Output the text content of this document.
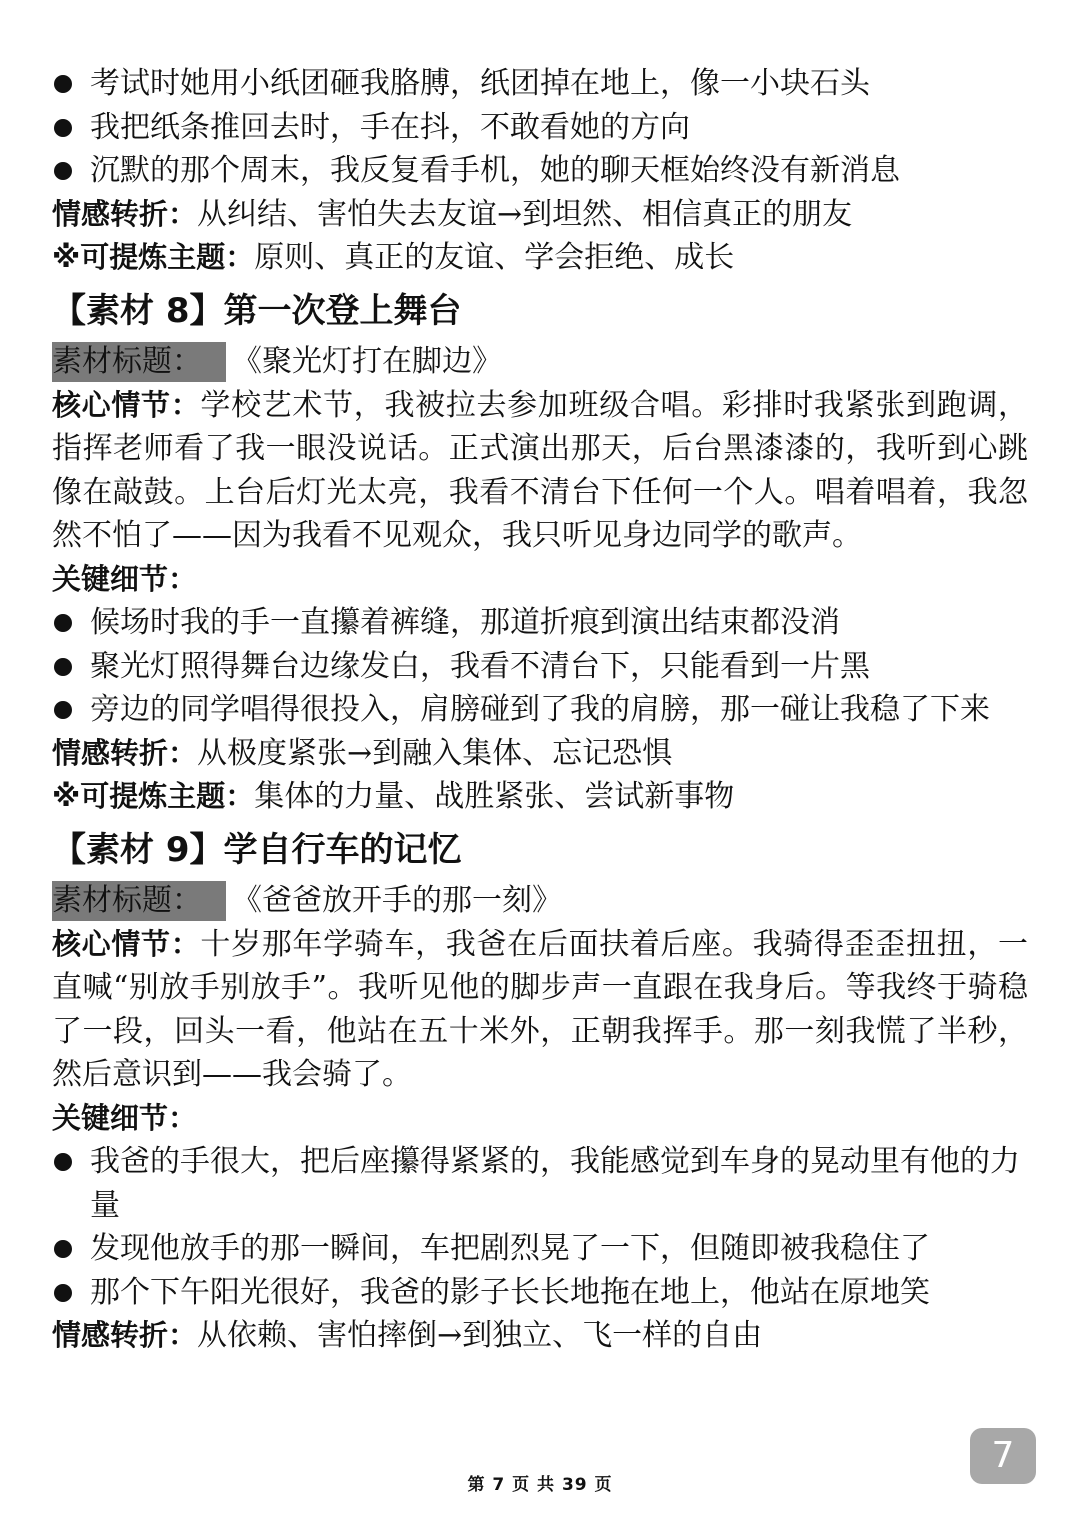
考试时她用小纸团砸我胳膊，纸团掉在地上，像一小块石头
我把纸条推回去时，手在抖，不敢看她的方向
沉默的那个周末，我反复看手机，她的聊天框始终没有新消息
情感转折：从纠结、害怕失去友谊→到坦然、相信真正的朋友
※可提炼主题：原则、真正的友谊、学会拒绝、成长
【素材 8】第一次登上舞台
素材标题：	《聚光灯打在脚边》
核心情节：学校艺术节，我被拉去参加班级合唱。彩排时我紧张到跑调，指挥老师看了我一眼没说话。正式演出那天，后台黑漆漆的，我听到心跳像在敲鼓。上台后灯光太亮，我看不清台下任何一个人。唱着唱着，我忽然不怕了——因为我看不见观众，我只听见身边同学的歌声。
关键细节：
候场时我的手一直攥着裤缝，那道折痕到演出结束都没消
聚光灯照得舞台边缘发白，我看不清台下，只能看到一片黑
旁边的同学唱得很投入，肩膀碰到了我的肩膀，那一碰让我稳了下来
情感转折：从极度紧张→到融入集体、忘记恐惧
※可提炼主题：集体的力量、战胜紧张、尝试新事物
【素材 9】学自行车的记忆
素材标题：	《爸爸放开手的那一刻》
核心情节：十岁那年学骑车，我爸在后面扶着后座。我骑得歪歪扭扭，一直喊“别放手别放手”。我听见他的脚步声一直跟在我身后。等我终于骑稳了一段，回头一看，他站在五十米外，正朝我挥手。那一刻我慌了半秒，然后意识到——我会骑了。
关键细节：
我爸的手很大，把后座攥得紧紧的，我能感觉到车身的晃动里有他的力量
发现他放手的那一瞬间，车把剧烈晃了一下，但随即被我稳住了
那个下午阳光很好，我爸的影子长长地拖在地上，他站在原地笑
情感转折：从依赖、害怕摔倒→到独立、飞一样的自由
第 7 页 共 39 页
7
